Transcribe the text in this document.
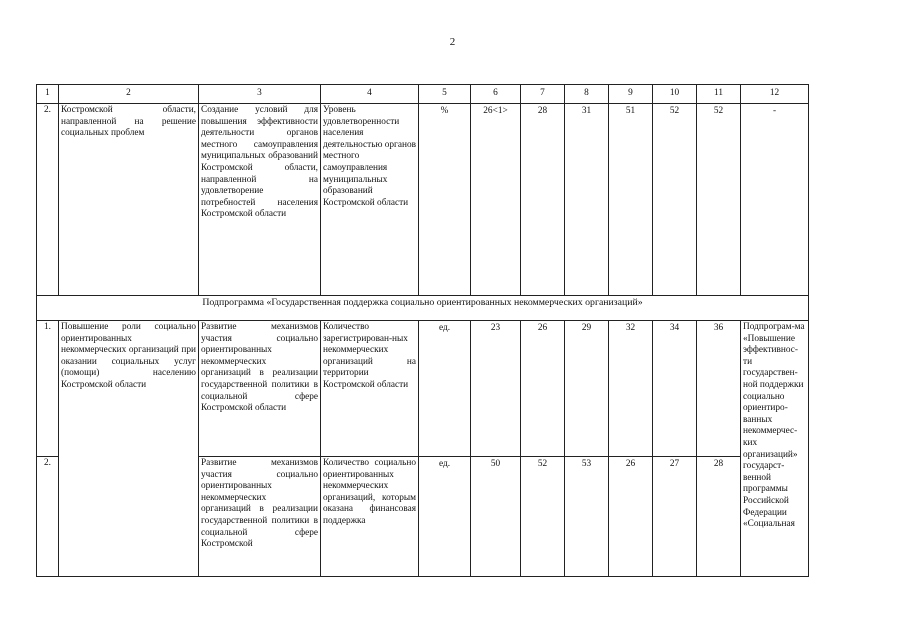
2
1	2	3	4	5	6	7	8	9	10	11	12
2.	Костромской области, направленной на решение социальных проблем	Создание условий для повышения эффективности деятельности органов местного самоуправления муниципальных образований Костромской области, направленной на удовлетворение потребностей населения Костромской области	Уровень удовлетворенности населения деятельностью органов местного самоуправления муниципальных образований Костромской области	%	26<1>	28	31	51	52	52	-
Подпрограмма «Государственная поддержка социально ориентированных некоммерческих организаций»											
1.	Повышение роли социально ориентированных некоммерческих организаций при оказании социальных услуг (помощи) населению Костромской области	Развитие механизмов участия социально ориентированных некоммерческих организаций в реализации государственной политики в социальной сфере Костромской области	Количество зарегистрирован-ных некоммерческих организаций на территории Костромской области	ед.	23	26	29	32	34	36	Подпрограм-ма «Повышение эффективнос-ти государствен-ной поддержки социально ориентиро-ванных некоммерчес-ких организаций» государст-венной программы Российской Федерации «Социальная
2.		Развитие механизмов участия социально ориентированных некоммерческих организаций в реализации государственной политики в социальной сфере Костромской	Количество социально ориентированных некоммерческих организаций, которым оказана финансовая поддержка	ед.	50	52	53	26	27	28	
